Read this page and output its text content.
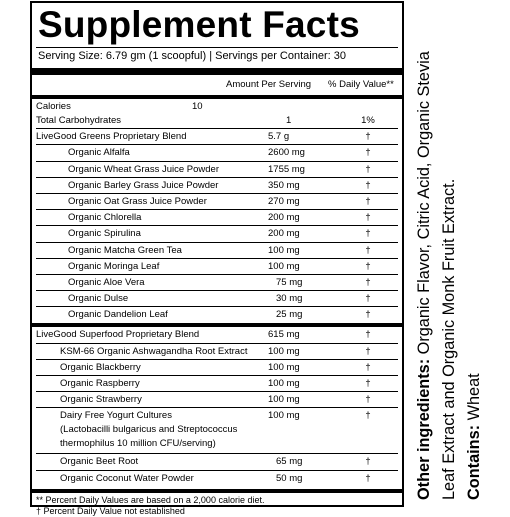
Supplement Facts
Serving Size: 6.79 gm (1 scoopful) | Servings per Container: 30
Amount Per Serving % Daily Value**
Calories	10
Total Carbohydrates	1	1%
LiveGood Greens Proprietary Blend	5.7 g	†
Organic Alfalfa	2600 mg	†
Organic Wheat Grass Juice Powder	1755 mg	†
Organic Barley Grass Juice Powder	350 mg	†
Organic Oat Grass Juice Powder	270 mg	†
Organic Chlorella	200 mg	†
Organic Spirulina	200 mg	†
Organic Matcha Green Tea	100 mg	†
Organic Moringa Leaf	100 mg	†
Organic Aloe Vera	75 mg	†
Organic Dulse	30 mg	†
Organic Dandelion Leaf	25 mg	†
LiveGood Superfood Proprietary Blend	615 mg	†
KSM-66 Organic Ashwagandha Root Extract 100 mg	†
Organic Blackberry	100 mg	†
Organic Raspberry	100 mg	†
Organic Strawberry	100 mg	†
Dairy Free Yogurt Cultures
(Lactobacilli bulgaricus and Streptococcus
thermophilus 10 million CFU/serving)
100 mg	†
Organic Beet Root	65 mg	†
Organic Coconut Water Powder	50 mg	†
** Percent Daily Values are based on a 2,000 calorie diet.
† Percent Daily Value not established
Other ingredients: Organic Flavor, Citric Acid, Organic Stevia Leaf Extract and Organic Monk Fruit Extract. Contains: Wheat
